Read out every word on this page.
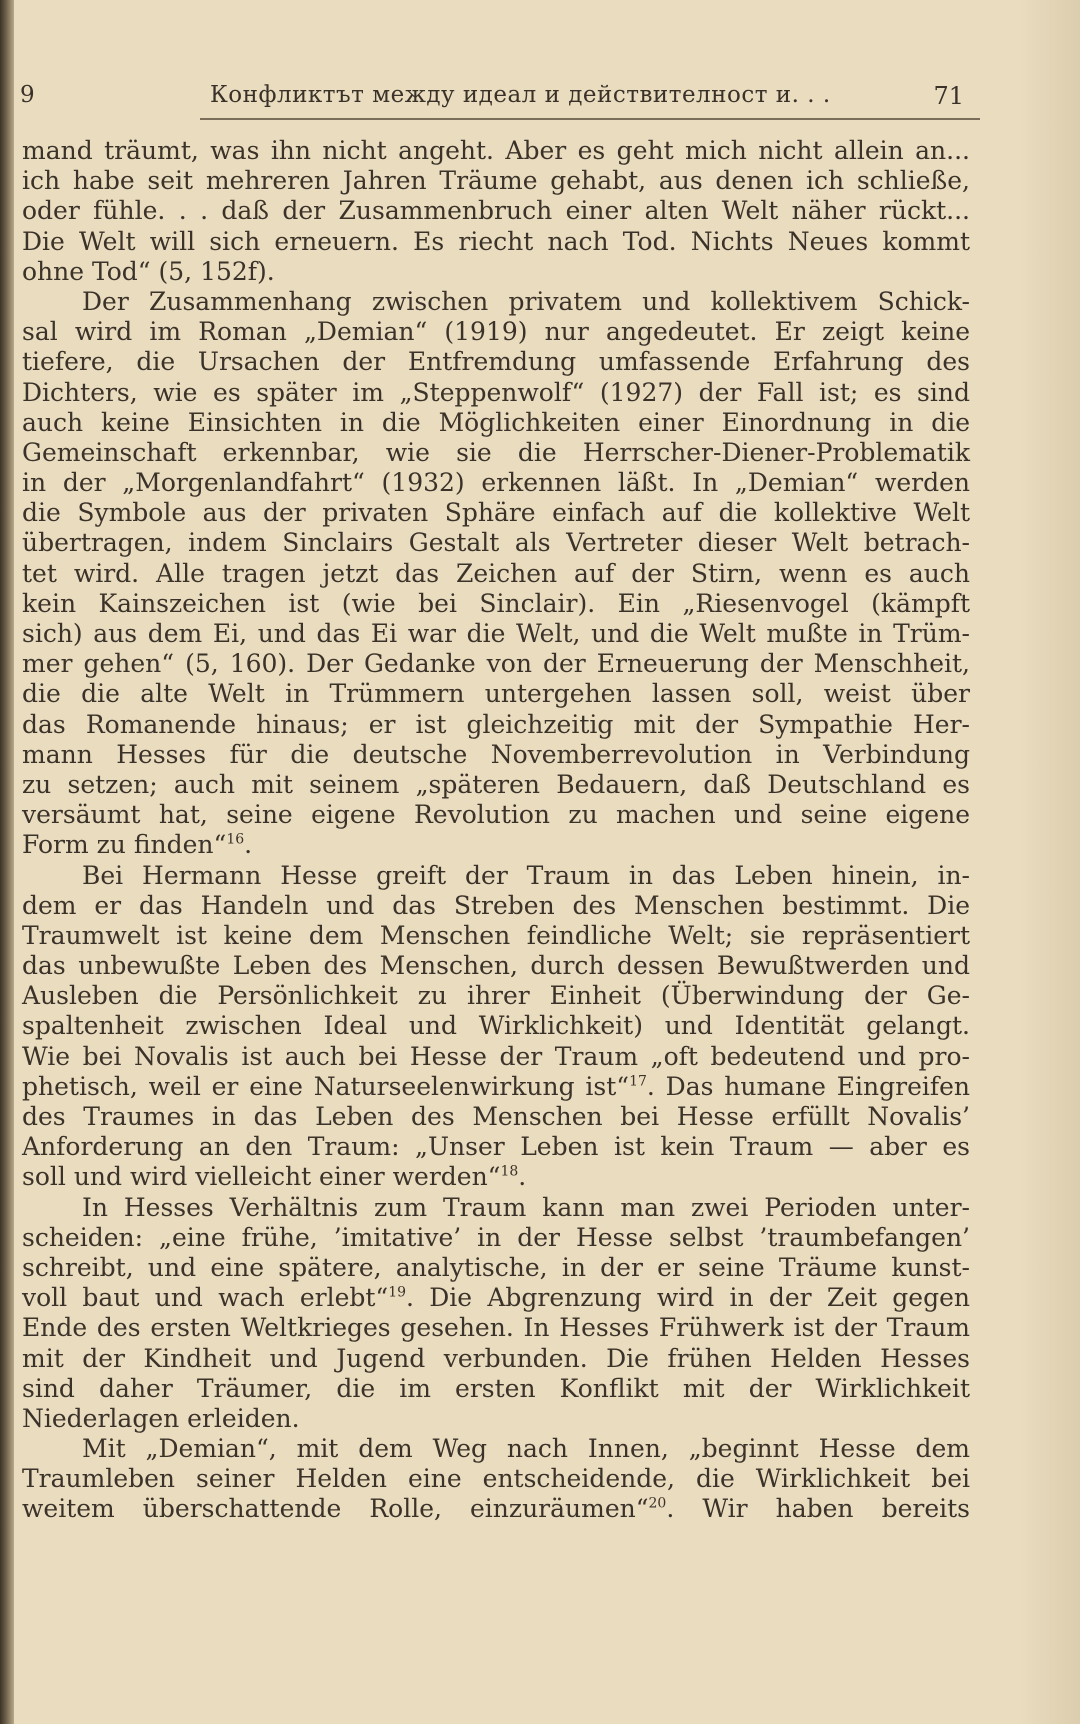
9	Конфликтът между идеал и действителност и. . .	71
mand träumt, was ihn nicht angeht. Aber es geht mich nicht allein an...
ich habe seit mehreren Jahren Träume gehabt, aus denen ich schließe,
oder fühle. . . daß der Zusammenbruch einer alten Welt näher rückt...
Die Welt will sich erneuern. Es riecht nach Tod. Nichts Neues kommt
ohne Tod“ (5, 152f).
Der Zusammenhang zwischen privatem und kollektivem Schick-
sal wird im Roman „Demian“ (1919) nur angedeutet. Er zeigt keine
tiefere, die Ursachen der Entfremdung umfassende Erfahrung des
Dichters, wie es später im „Steppenwolf“ (1927) der Fall ist; es sind
auch keine Einsichten in die Möglichkeiten einer Einordnung in die
Gemeinschaft erkennbar, wie sie die Herrscher-Diener-Problematik
in der „Morgenlandfahrt“ (1932) erkennen läßt. In „Demian“ werden
die Symbole aus der privaten Sphäre einfach auf die kollektive Welt
übertragen, indem Sinclairs Gestalt als Vertreter dieser Welt betrach-
tet wird. Alle tragen jetzt das Zeichen auf der Stirn, wenn es auch
kein Kainszeichen ist (wie bei Sinclair). Ein „Riesenvogel (kämpft
sich) aus dem Ei, und das Ei war die Welt, und die Welt mußte in Trüm-
mer gehen“ (5, 160). Der Gedanke von der Erneuerung der Menschheit,
die die alte Welt in Trümmern untergehen lassen soll, weist über
das Romanende hinaus; er ist gleichzeitig mit der Sympathie Her-
mann Hesses für die deutsche Novemberrevolution in Verbindung
zu setzen; auch mit seinem „späteren Bedauern, daß Deutschland es
versäumt hat, seine eigene Revolution zu machen und seine eigene
Form zu finden“$^{16}$.
Bei Hermann Hesse greift der Traum in das Leben hinein, in-
dem er das Handeln und das Streben des Menschen bestimmt. Die
Traumwelt ist keine dem Menschen feindliche Welt; sie repräsentiert
das unbewußte Leben des Menschen, durch dessen Bewußtwerden und
Ausleben die Persönlichkeit zu ihrer Einheit (Überwindung der Ge-
spaltenheit zwischen Ideal und Wirklichkeit) und Identität gelangt.
Wie bei Novalis ist auch bei Hesse der Traum „oft bedeutend und pro-
phetisch, weil er eine Naturseelenwirkung ist“$^{17}$. Das humane Eingreifen
des Traumes in das Leben des Menschen bei Hesse erfüllt Novalis’
Anforderung an den Traum: „Unser Leben ist kein Traum — aber es
soll und wird vielleicht einer werden“$^{18}$.
In Hesses Verhältnis zum Traum kann man zwei Perioden unter-
scheiden: „eine frühe, ’imitative’ in der Hesse selbst ’traumbefangen’
schreibt, und eine spätere, analytische, in der er seine Träume kunst-
voll baut und wach erlebt“$^{19}$. Die Abgrenzung wird in der Zeit gegen
Ende des ersten Weltkrieges gesehen. In Hesses Frühwerk ist der Traum
mit der Kindheit und Jugend verbunden. Die frühen Helden Hesses
sind daher Träumer, die im ersten Konflikt mit der Wirklichkeit
Niederlagen erleiden.
Mit „Demian“, mit dem Weg nach Innen, „beginnt Hesse dem
Traumleben seiner Helden eine entscheidende, die Wirklichkeit bei
weitem überschattende Rolle, einzuräumen“$^{20}$. Wir haben bereits
